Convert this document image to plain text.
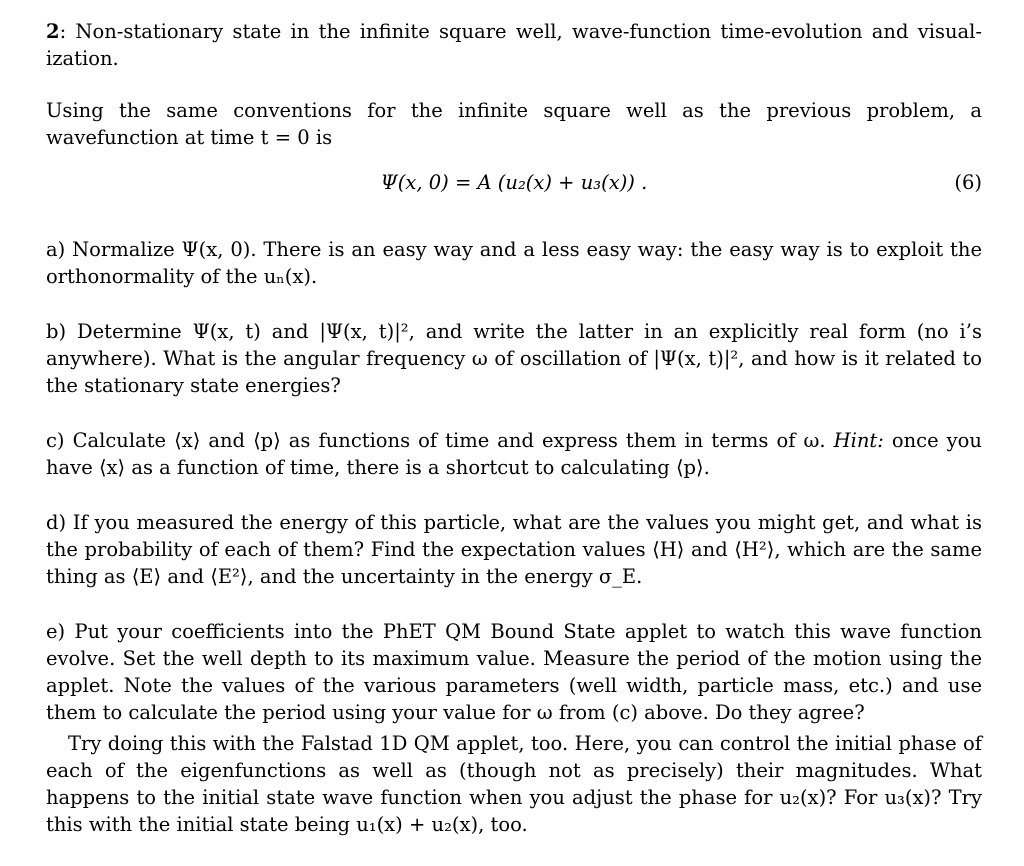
2: Non-stationary state in the infinite square well, wave-function time-evolution and visual-ization.

Using the same conventions for the infinite square well as the previous problem, a wavefunction at time t = 0 is

Ψ(x, 0) = A (u₂(x) + u₃(x)) .	(6)

a) Normalize Ψ(x, 0). There is an easy way and a less easy way: the easy way is to exploit the orthonormality of the uₙ(x).

b) Determine Ψ(x, t) and |Ψ(x, t)|², and write the latter in an explicitly real form (no i’s anywhere). What is the angular frequency ω of oscillation of |Ψ(x, t)|², and how is it related to the stationary state energies?

c) Calculate ⟨x⟩ and ⟨p⟩ as functions of time and express them in terms of ω. Hint: once you have ⟨x⟩ as a function of time, there is a shortcut to calculating ⟨p⟩.

d) If you measured the energy of this particle, what are the values you might get, and what is the probability of each of them? Find the expectation values ⟨H⟩ and ⟨H²⟩, which are the same thing as ⟨E⟩ and ⟨E²⟩, and the uncertainty in the energy σ_E.

e) Put your coefficients into the PhET QM Bound State applet to watch this wave function evolve. Set the well depth to its maximum value. Measure the period of the motion using the applet. Note the values of the various parameters (well width, particle mass, etc.) and use them to calculate the period using your value for ω from (c) above. Do they agree?

Try doing this with the Falstad 1D QM applet, too. Here, you can control the initial phase of each of the eigenfunctions as well as (though not as precisely) their magnitudes. What happens to the initial state wave function when you adjust the phase for u₂(x)? For u₃(x)? Try this with the initial state being u₁(x) + u₂(x), too.
